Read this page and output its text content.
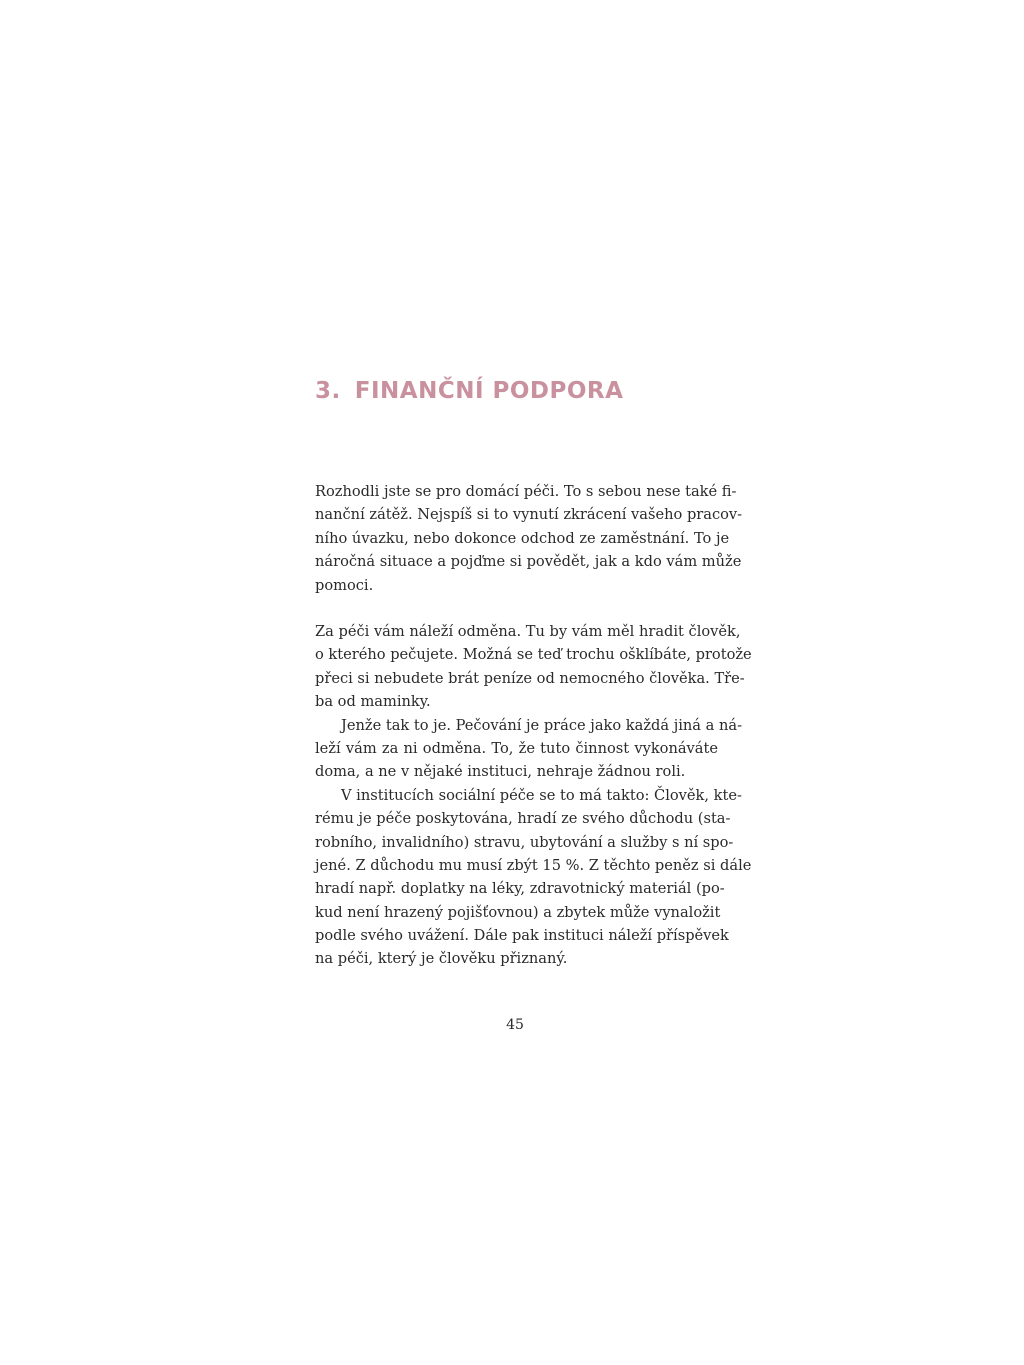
3. FINANČNÍ PODPORA
Rozhodli jste se pro domácí péči. To s sebou nese také fi-
nanční zátěž. Nejspíš si to vynutí zkrácení vašeho pracov-
ního úvazku, nebo dokonce odchod ze zaměstnání. To je
náročná situace a pojďme si povědět, jak a kdo vám může
pomoci.
Za péči vám náleží odměna. Tu by vám měl hradit člověk,
o kterého pečujete. Možná se teď trochu ošklíbáte, protože
přeci si nebudete brát peníze od nemocného člověka. Tře-
ba od maminky.
Jenže tak to je. Pečování je práce jako každá jiná a ná-
leží vám za ni odměna. To, že tuto činnost vykonáváte
doma, a ne v nějaké instituci, nehraje žádnou roli.
V institucích sociální péče se to má takto: Člověk, kte-
rému je péče poskytována, hradí ze svého důchodu (sta-
robního, invalidního) stravu, ubytování a služby s ní spo-
jené. Z důchodu mu musí zbýt 15 %. Z těchto peněz si dále
hradí např. doplatky na léky, zdravotnický materiál (po-
kud není hrazený pojišťovnou) a zbytek může vynaložit
podle svého uvážení. Dále pak instituci náleží příspěvek
na péči, který je člověku přiznaný.

45
